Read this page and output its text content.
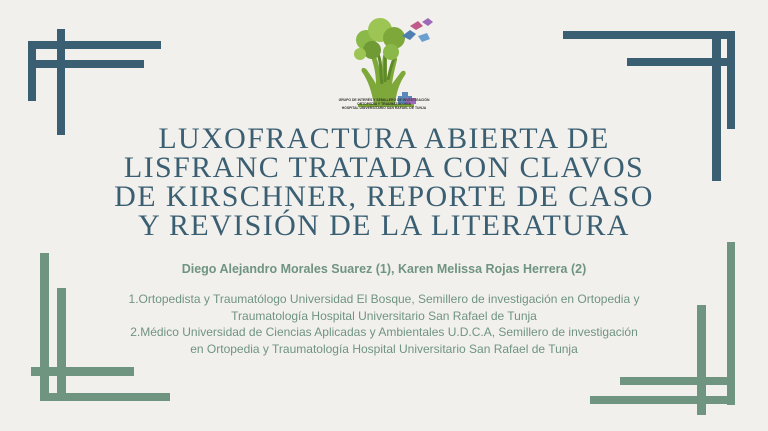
GRUPO DE INTERÉS Y SEMILLERO DE INVESTIGACIÓN
ORTOPEDIA Y TRAUMATOLOGÍA
HOSPITAL UNIVERSITARIO SAN RAFAEL DE TUNJA
LUXOFRACTURA ABIERTA DE
LISFRANC TRATADA CON CLAVOS
DE KIRSCHNER, REPORTE DE CASO
Y REVISIÓN DE LA LITERATURA
Diego Alejandro Morales Suarez (1), Karen Melissa Rojas Herrera (2)
1.Ortopedista y Traumatólogo Universidad El Bosque, Semillero de investigación en Ortopedia y
Traumatología Hospital Universitario San Rafael de Tunja
2.Médico Universidad de Ciencias Aplicadas y Ambientales U.D.C.A, Semillero de investigación
en Ortopedia y Traumatología Hospital Universitario San Rafael de Tunja
